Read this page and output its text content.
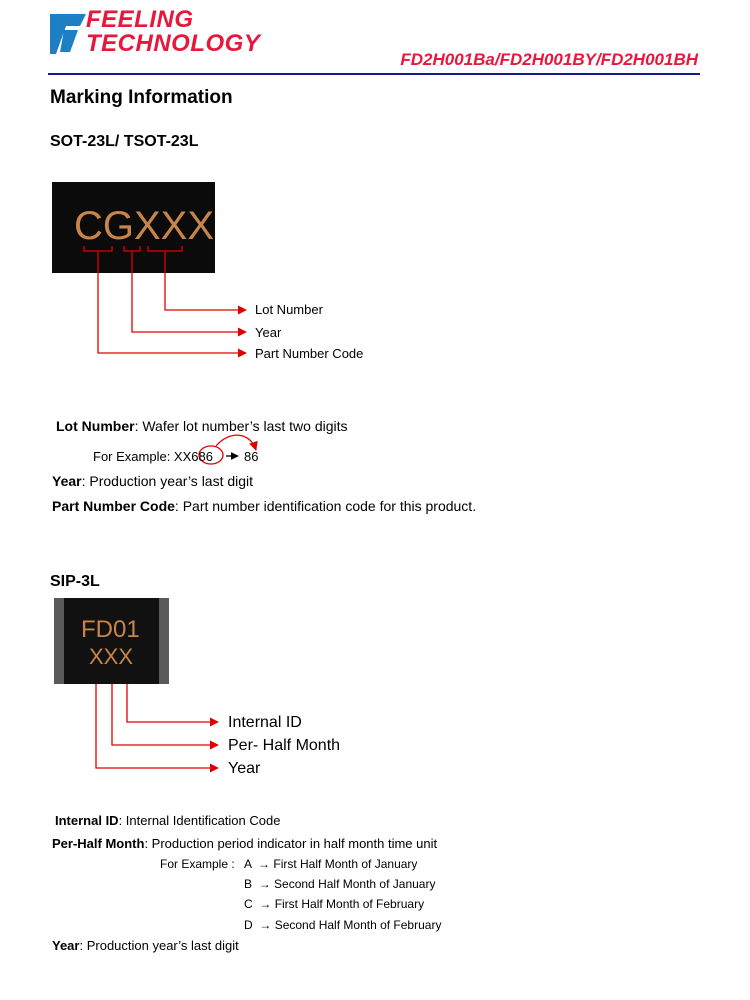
FEELING
TECHNOLOGY
FD2H001Ba/FD2H001BY/FD2H001BH
Marking Information
SOT-23L/ TSOT-23L
CGXXX
Lot Number
Year
Part Number Code
Lot Number: Wafer lot number’s last two digits
For Example: XX686 86
Year: Production year’s last digit
Part Number Code: Part number identification code for this product.
SIP-3L
FD01
XXX
Internal ID
Per- Half Month
Year
Internal ID: Internal Identification Code
Per-Half Month: Production period indicator in half month time unit
For Example : A  → First Half Month of January
B  → Second Half Month of January
C  → First Half Month of February
D  → Second Half Month of February
Year: Production year’s last digit
